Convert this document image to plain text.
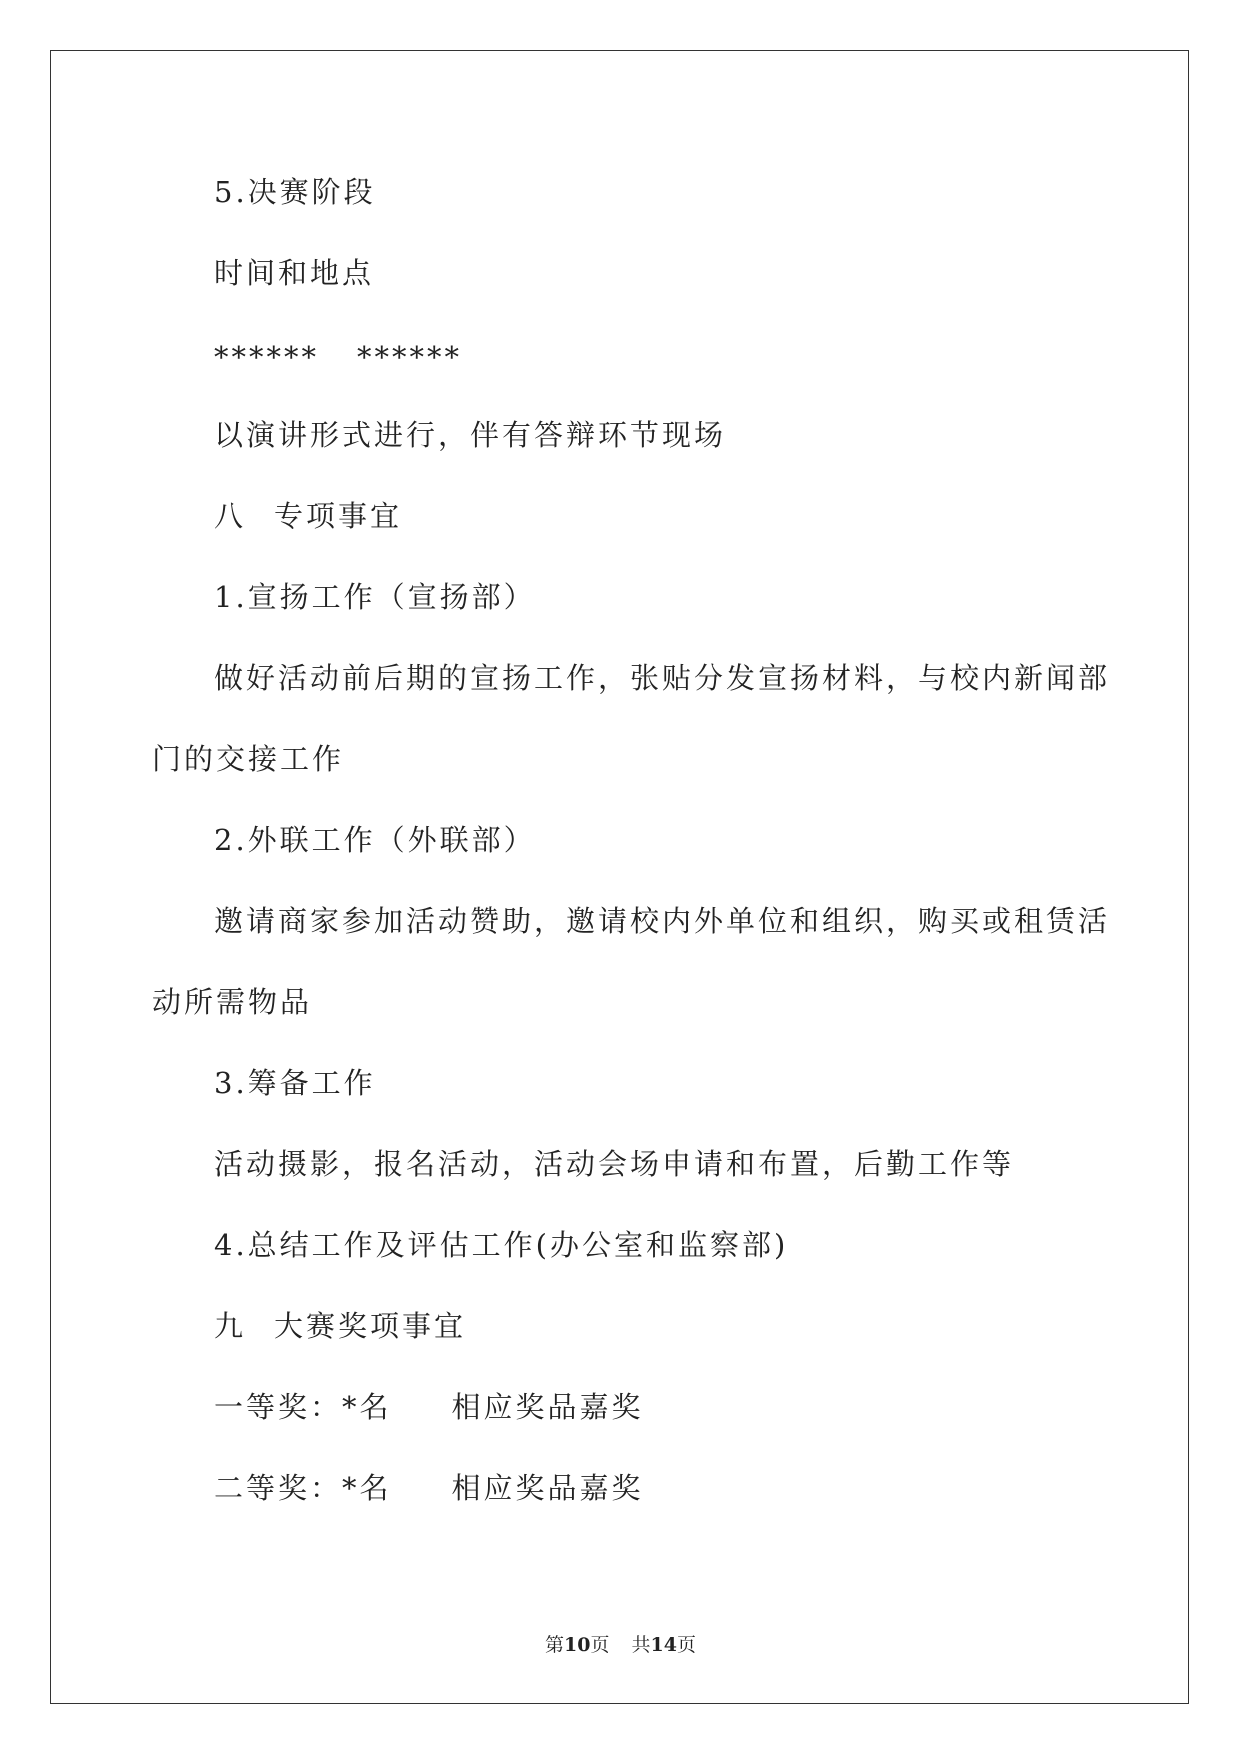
5.决赛阶段
时间和地点
****** ******
以演讲形式进行，伴有答辩环节现场
八 专项事宜
1.宣扬工作（宣扬部）
做好活动前后期的宣扬工作，张贴分发宣扬材料，与校内新闻部
门的交接工作
2.外联工作（外联部）
邀请商家参加活动赞助，邀请校内外单位和组织，购买或租赁活
动所需物品
3.筹备工作
活动摄影，报名活动，活动会场申请和布置，后勤工作等
4.总结工作及评估工作(办公室和监察部)
九 大赛奖项事宜
一等奖：*名 相应奖品嘉奖
二等奖：*名 相应奖品嘉奖
第10页 共14页
